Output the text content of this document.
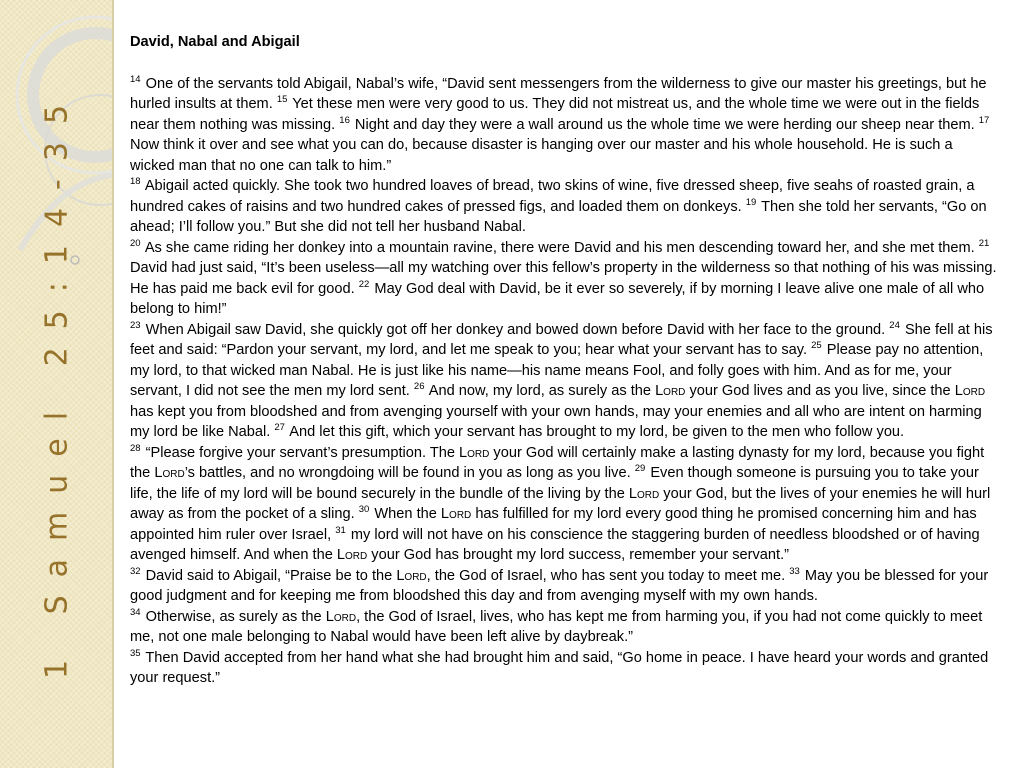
1 Samuel 25:14-35
David, Nabal and Abigail

$^{14}$ One of the servants told Abigail, Nabal’s wife, “David sent messengers from the wilderness to give our master his greetings, but he hurled insults at them. $^{15}$ Yet these men were very good to us. They did not mistreat us, and the whole time we were out in the fields near them nothing was missing. $^{16}$ Night and day they were a wall around us the whole time we were herding our sheep near them. $^{17}$ Now think it over and see what you can do, because disaster is hanging over our master and his whole household. He is such a wicked man that no one can talk to him.”

$^{18}$ Abigail acted quickly. She took two hundred loaves of bread, two skins of wine, five dressed sheep, five seahs of roasted grain, a hundred cakes of raisins and two hundred cakes of pressed figs, and loaded them on donkeys. $^{19}$ Then she told her servants, “Go on ahead; I’ll follow you.” But she did not tell her husband Nabal.

$^{20}$ As she came riding her donkey into a mountain ravine, there were David and his men descending toward her, and she met them. $^{21}$ David had just said, “It’s been useless—all my watching over this fellow’s property in the wilderness so that nothing of his was missing. He has paid me back evil for good. $^{22}$ May God deal with David, be it ever so severely, if by morning I leave alive one male of all who belong to him!”

$^{23}$ When Abigail saw David, she quickly got off her donkey and bowed down before David with her face to the ground. $^{24}$ She fell at his feet and said: “Pardon your servant, my lord, and let me speak to you; hear what your servant has to say. $^{25}$ Please pay no attention, my lord, to that wicked man Nabal. He is just like his name—his name means Fool, and folly goes with him. And as for me, your servant, I did not see the men my lord sent. $^{26}$ And now, my lord, as surely as the Lord your God lives and as you live, since the Lord has kept you from bloodshed and from avenging yourself with your own hands, may your enemies and all who are intent on harming my lord be like Nabal. $^{27}$ And let this gift, which your servant has brought to my lord, be given to the men who follow you.

$^{28}$ “Please forgive your servant’s presumption. The Lord your God will certainly make a lasting dynasty for my lord, because you fight the Lord’s battles, and no wrongdoing will be found in you as long as you live. $^{29}$ Even though someone is pursuing you to take your life, the life of my lord will be bound securely in the bundle of the living by the Lord your God, but the lives of your enemies he will hurl away as from the pocket of a sling. $^{30}$ When the Lord has fulfilled for my lord every good thing he promised concerning him and has appointed him ruler over Israel, $^{31}$ my lord will not have on his conscience the staggering burden of needless bloodshed or of having avenged himself. And when the Lord your God has brought my lord success, remember your servant.”

$^{32}$ David said to Abigail, “Praise be to the Lord, the God of Israel, who has sent you today to meet me. $^{33}$ May you be blessed for your good judgment and for keeping me from bloodshed this day and from avenging myself with my own hands.

$^{34}$ Otherwise, as surely as the Lord, the God of Israel, lives, who has kept me from harming you, if you had not come quickly to meet me, not one male belonging to Nabal would have been left alive by daybreak.”

$^{35}$ Then David accepted from her hand what she had brought him and said, “Go home in peace. I have heard your words and granted your request.”
